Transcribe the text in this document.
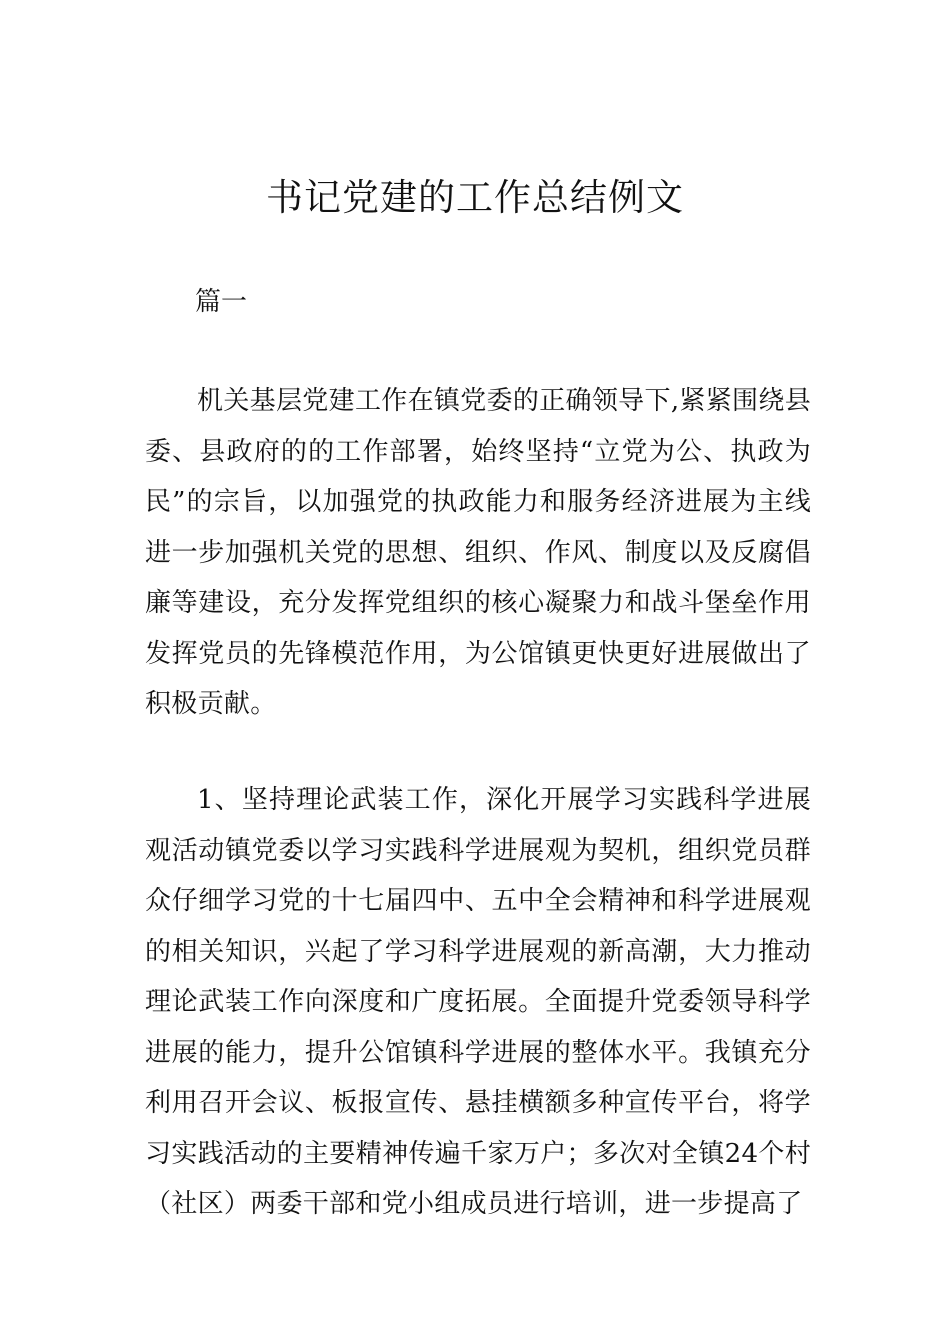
书记党建的工作总结例文

篇一

机关基层党建工作在镇党委的正确领导下,紧紧围绕县委、县政府的的工作部署，始终坚持“立党为公、执政为民”的宗旨，以加强党的执政能力和服务经济进展为主线进一步加强机关党的思想、组织、作风、制度以及反腐倡廉等建设，充分发挥党组织的核心凝聚力和战斗堡垒作用发挥党员的先锋模范作用，为公馆镇更快更好进展做出了积极贡献。

1、坚持理论武装工作，深化开展学习实践科学进展观活动镇党委以学习实践科学进展观为契机，组织党员群众仔细学习党的十七届四中、五中全会精神和科学进展观的相关知识，兴起了学习科学进展观的新高潮，大力推动理论武装工作向深度和广度拓展。全面提升党委领导科学进展的能力，提升公馆镇科学进展的整体水平。我镇充分利用召开会议、板报宣传、悬挂横额多种宣传平台，将学习实践活动的主要精神传遍千家万户；多次对全镇24个村（社区）两委干部和党小组成员进行培训，进一步提高了
